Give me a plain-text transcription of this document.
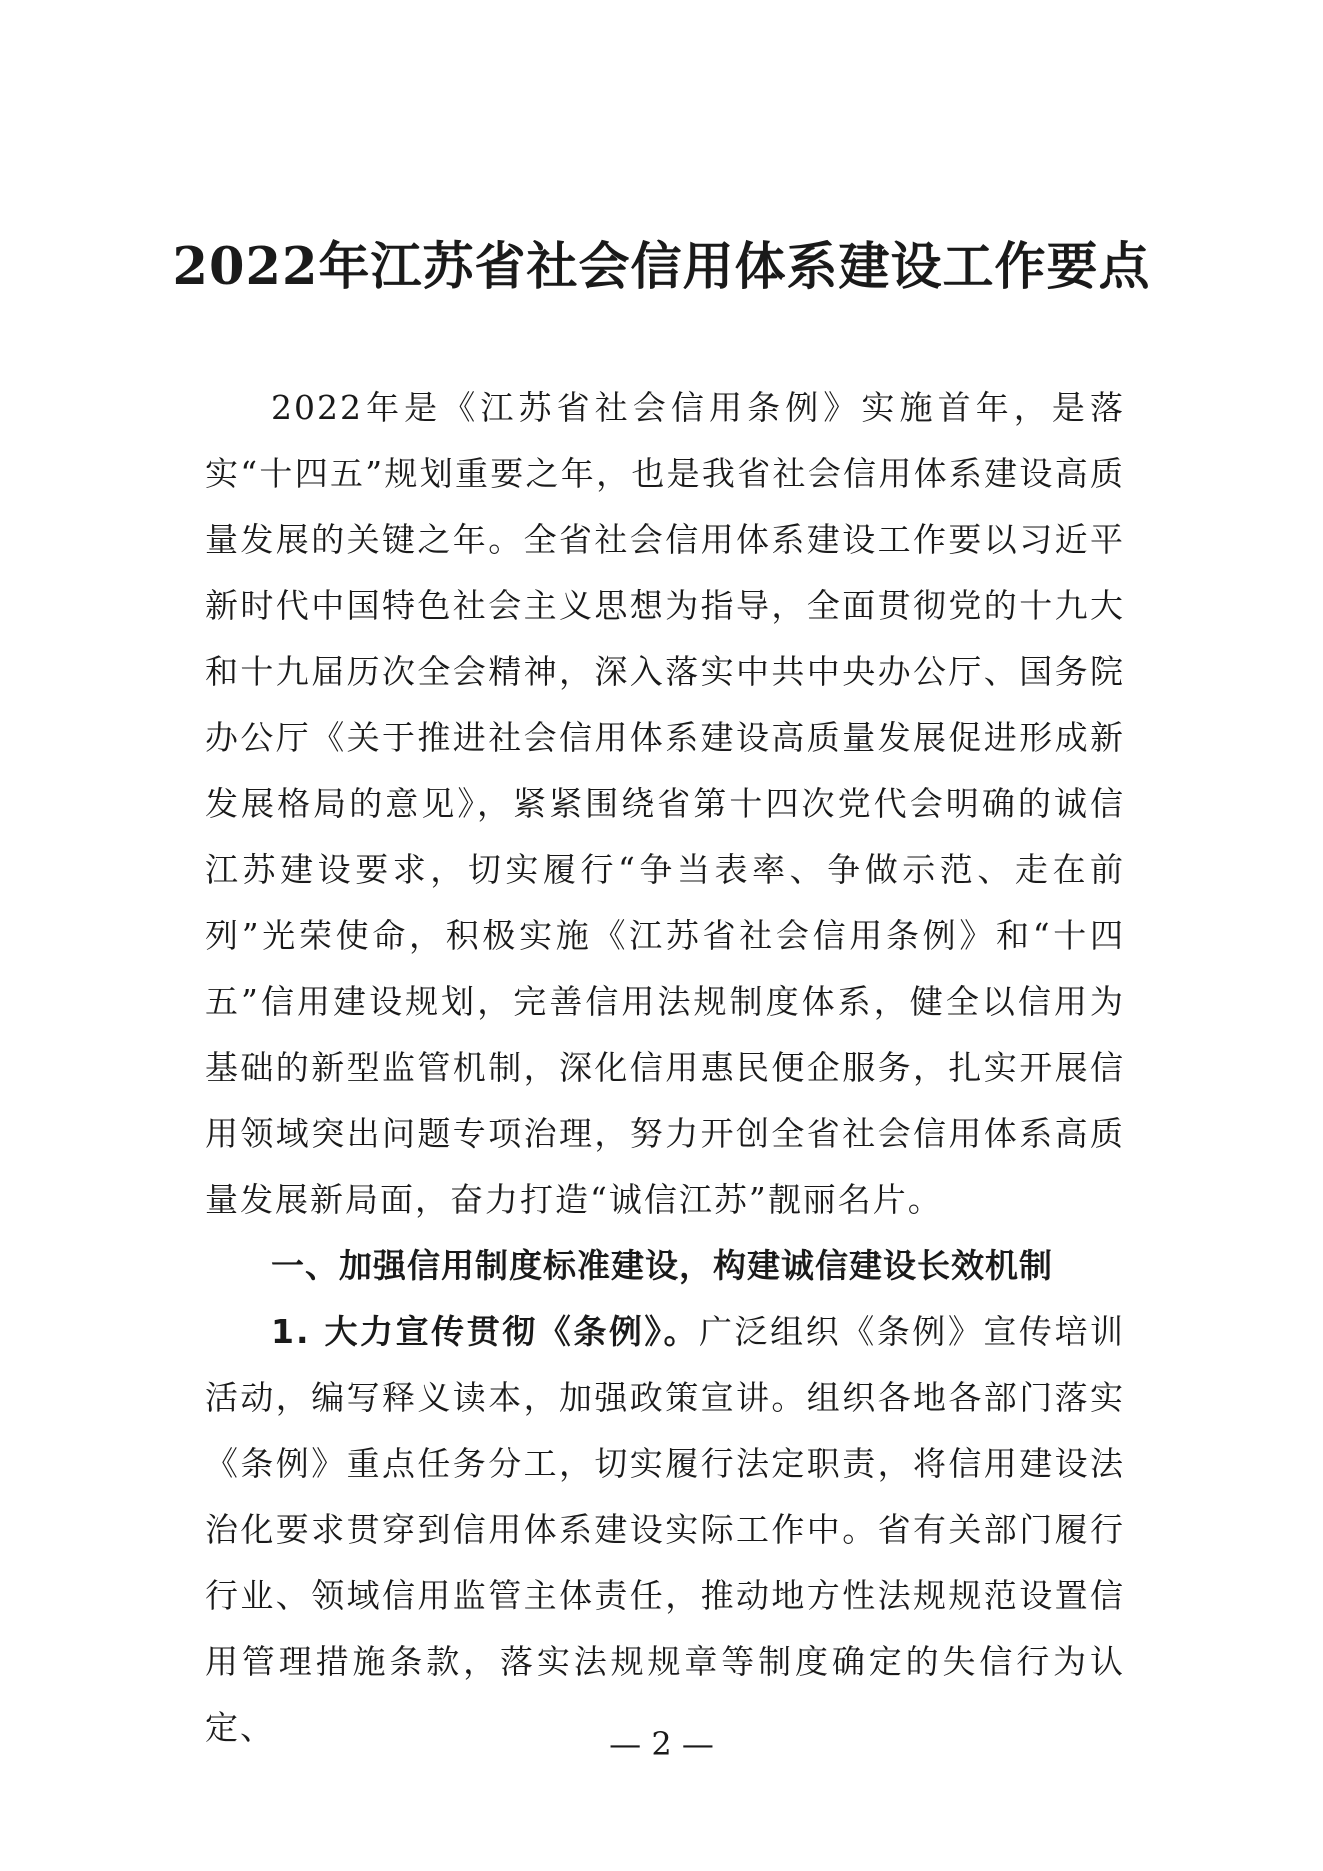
2022年江苏省社会信用体系建设工作要点

2022年是《江苏省社会信用条例》实施首年，是落实“十四五”规划重要之年，也是我省社会信用体系建设高质量发展的关键之年。全省社会信用体系建设工作要以习近平新时代中国特色社会主义思想为指导，全面贯彻党的十九大和十九届历次全会精神，深入落实中共中央办公厅、国务院办公厅《关于推进社会信用体系建设高质量发展促进形成新发展格局的意见》，紧紧围绕省第十四次党代会明确的诚信江苏建设要求，切实履行“争当表率、争做示范、走在前列”光荣使命，积极实施《江苏省社会信用条例》和“十四五”信用建设规划，完善信用法规制度体系，健全以信用为基础的新型监管机制，深化信用惠民便企服务，扎实开展信用领域突出问题专项治理，努力开创全省社会信用体系高质量发展新局面，奋力打造“诚信江苏”靓丽名片。

一、加强信用制度标准建设，构建诚信建设长效机制

1. 大力宣传贯彻《条例》。广泛组织《条例》宣传培训活动，编写释义读本，加强政策宣讲。组织各地各部门落实《条例》重点任务分工，切实履行法定职责，将信用建设法治化要求贯穿到信用体系建设实际工作中。省有关部门履行行业、领域信用监管主体责任，推动地方性法规规范设置信用管理措施条款，落实法规规章等制度确定的失信行为认定、	— 2 —
